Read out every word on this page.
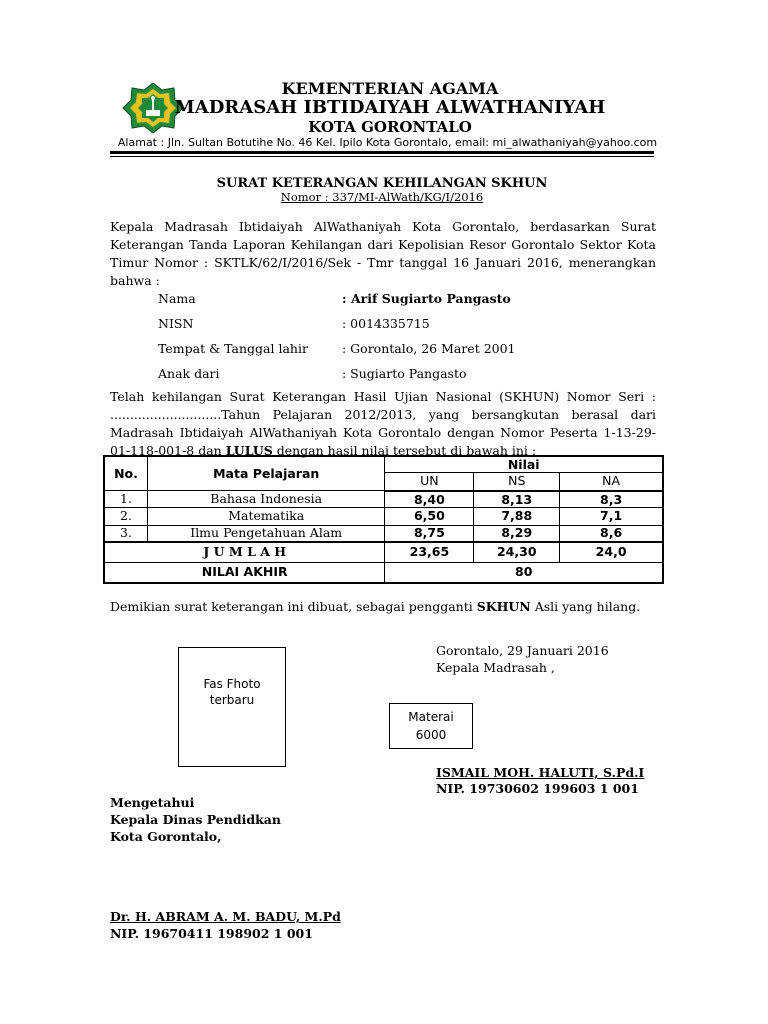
KEMENTERIAN AGAMA
MADRASAH IBTIDAIYAH ALWATHANIYAH
KOTA GORONTALO
Alamat : Jln. Sultan Botutihe No. 46 Kel. Ipilo Kota Gorontalo, email: mi_alwathaniyah@yahoo.com
SURAT KETERANGAN KEHILANGAN SKHUN
Nomor : 337/MI-AlWath/KG/I/2016
Kepala Madrasah Ibtidaiyah AlWathaniyah Kota Gorontalo, berdasarkan Surat Keterangan Tanda Laporan Kehilangan dari Kepolisian Resor Gorontalo Sektor Kota Timur Nomor : SKTLK/62/I/2016/Sek - Tmr tanggal 16 Januari 2016, menerangkan bahwa :
Nama	: Arif Sugiarto Pangasto
NISN	: 0014335715
Tempat & Tanggal lahir	: Gorontalo, 26 Maret 2001
Anak dari	: Sugiarto Pangasto
Telah kehilangan Surat Keterangan Hasil Ujian Nasional (SKHUN) Nomor Seri : ............................Tahun Pelajaran 2012/2013, yang bersangkutan berasal dari Madrasah Ibtidaiyah AlWathaniyah Kota Gorontalo dengan Nomor Peserta 1-13-29-01-118-001-8 dan LULUS dengan hasil nilai tersebut di bawah ini :
No.	Mata Pelajaran	Nilai		
		UN	NS	NA
1.	Bahasa Indonesia	8,40	8,13	8,3
2.	Matematika	6,50	7,88	7,1
3.	Ilmu Pengetahuan Alam	8,75	8,29	8,6
J U M L A H		23,65	24,30	24,0
NILAI AKHIR		80		
Demikian surat keterangan ini dibuat, sebagai pengganti SKHUN Asli yang hilang.
Fas Fhoto
terbaru
Materai
6000
Gorontalo, 29 Januari 2016
Kepala Madrasah ,
ISMAIL MOH. HALUTI, S.Pd.I
NIP. 19730602 199603 1 001
Mengetahui
Kepala Dinas Pendidkan
Kota Gorontalo,
Dr. H. ABRAM A. M. BADU, M.Pd
NIP. 19670411 198902 1 001
